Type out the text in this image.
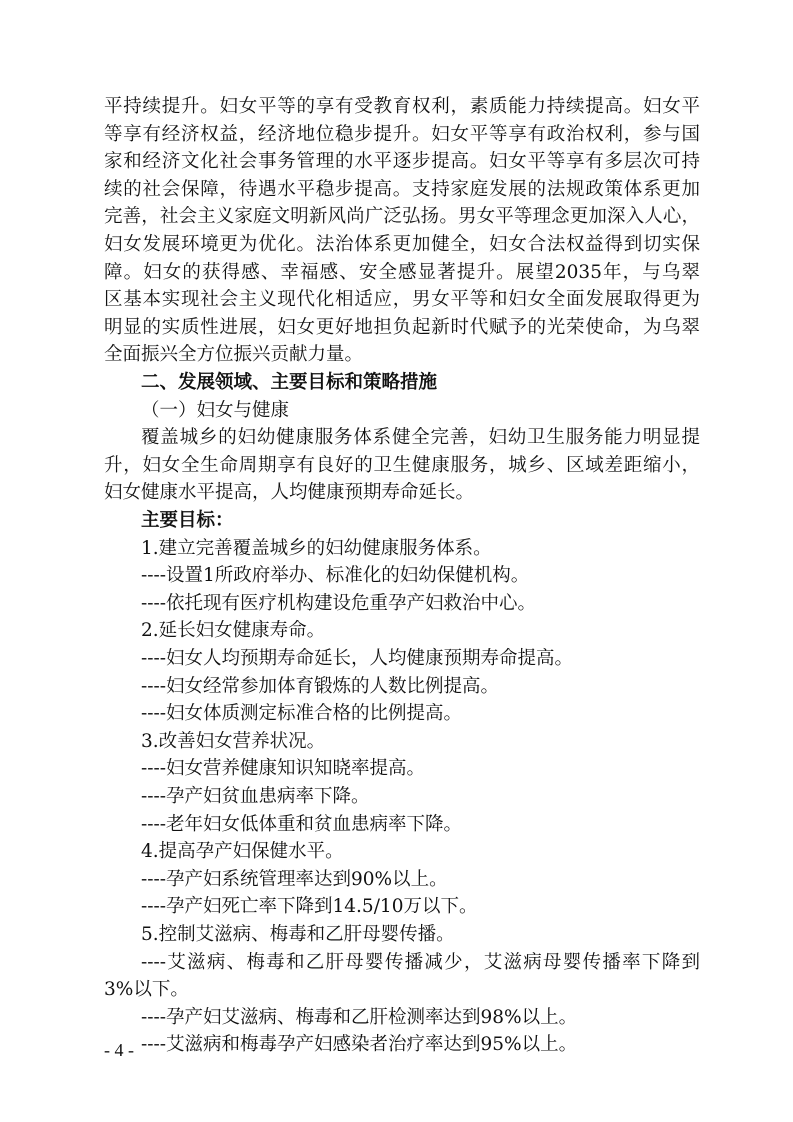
平持续提升。妇女平等的享有受教育权利，素质能力持续提高。妇女平
等享有经济权益，经济地位稳步提升。妇女平等享有政治权利，参与国
家和经济文化社会事务管理的水平逐步提高。妇女平等享有多层次可持
续的社会保障，待遇水平稳步提高。支持家庭发展的法规政策体系更加
完善，社会主义家庭文明新风尚广泛弘扬。男女平等理念更加深入人心，
妇女发展环境更为优化。法治体系更加健全，妇女合法权益得到切实保
障。妇女的获得感、幸福感、安全感显著提升。展望2035年，与乌翠
区基本实现社会主义现代化相适应，男女平等和妇女全面发展取得更为
明显的实质性进展，妇女更好地担负起新时代赋予的光荣使命，为乌翠
全面振兴全方位振兴贡献力量。
二、发展领域、主要目标和策略措施
（一）妇女与健康
覆盖城乡的妇幼健康服务体系健全完善，妇幼卫生服务能力明显提
升，妇女全生命周期享有良好的卫生健康服务，城乡、区域差距缩小，
妇女健康水平提高，人均健康预期寿命延长。
主要目标：
1.建立完善覆盖城乡的妇幼健康服务体系。
----设置1所政府举办、标准化的妇幼保健机构。
----依托现有医疗机构建设危重孕产妇救治中心。
2.延长妇女健康寿命。
----妇女人均预期寿命延长，人均健康预期寿命提高。
----妇女经常参加体育锻炼的人数比例提高。
----妇女体质测定标准合格的比例提高。
3.改善妇女营养状况。
----妇女营养健康知识知晓率提高。
----孕产妇贫血患病率下降。
----老年妇女低体重和贫血患病率下降。
4.提高孕产妇保健水平。
----孕产妇系统管理率达到90%以上。
----孕产妇死亡率下降到14.5/10万以下。
5.控制艾滋病、梅毒和乙肝母婴传播。
----艾滋病、梅毒和乙肝母婴传播减少，艾滋病母婴传播率下降到
3%以下。
----孕产妇艾滋病、梅毒和乙肝检测率达到98%以上。
----艾滋病和梅毒孕产妇感染者治疗率达到95%以上。
- 4 -
